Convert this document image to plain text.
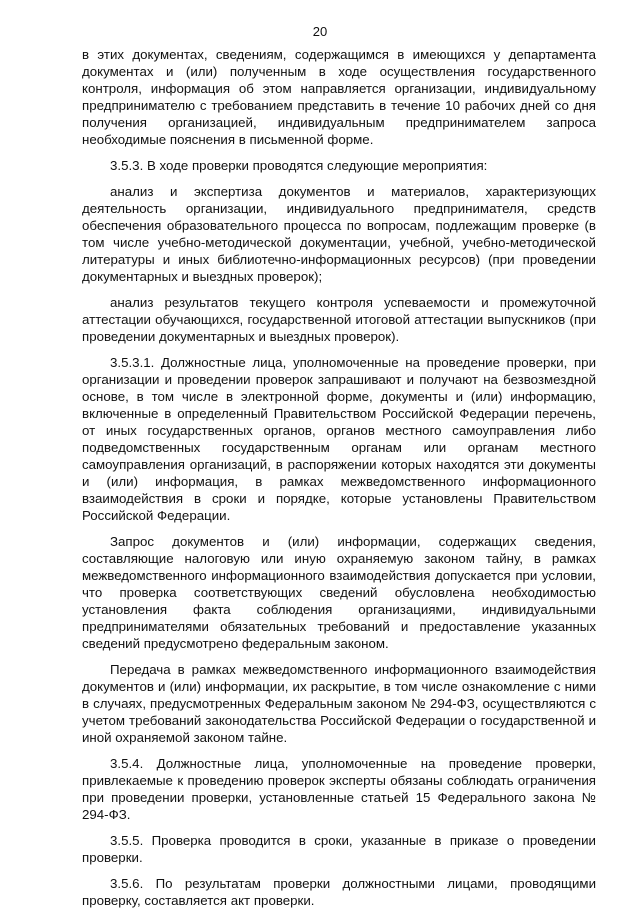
20

в этих документах, сведениям, содержащимся в имеющихся у департамента документах и (или) полученным в ходе осуществления государственного контроля, информация об этом направляется организации, индивидуальному предпринимателю с требованием представить в течение 10 рабочих дней со дня получения организацией, индивидуальным предпринимателем запроса необходимые пояснения в письменной форме.

3.5.3. В ходе проверки проводятся следующие мероприятия:

анализ и экспертиза документов и материалов, характеризующих деятельность организации, индивидуального предпринимателя, средств обеспечения образовательного процесса по вопросам, подлежащим проверке (в том числе учебно-методической документации, учебной, учебно-методической литературы и иных библиотечно-информационных ресурсов) (при проведении документарных и выездных проверок);

анализ результатов текущего контроля успеваемости и промежуточной аттестации обучающихся, государственной итоговой аттестации выпускников (при проведении документарных и выездных проверок).

3.5.3.1. Должностные лица, уполномоченные на проведение проверки, при организации и проведении проверок запрашивают и получают на безвозмездной основе, в том числе в электронной форме, документы и (или) информацию, включенные в определенный Правительством Российской Федерации перечень, от иных государственных органов, органов местного самоуправления либо подведомственных государственным органам или органам местного самоуправления организаций, в распоряжении которых находятся эти документы и (или) информация, в рамках межведомственного информационного взаимодействия в сроки и порядке, которые установлены Правительством Российской Федерации.

Запрос документов и (или) информации, содержащих сведения, составляющие налоговую или иную охраняемую законом тайну, в рамках межведомственного информационного взаимодействия допускается при условии, что проверка соответствующих сведений обусловлена необходимостью установления факта соблюдения организациями, индивидуальными предпринимателями обязательных требований и предоставление указанных сведений предусмотрено федеральным законом.

Передача в рамках межведомственного информационного взаимодействия документов и (или) информации, их раскрытие, в том числе ознакомление с ними в случаях, предусмотренных Федеральным законом № 294-ФЗ, осуществляются с учетом требований законодательства Российской Федерации о государственной и иной охраняемой законом тайне.

3.5.4. Должностные лица, уполномоченные на проведение проверки, привлекаемые к проведению проверок эксперты обязаны соблюдать ограничения при проведении проверки, установленные статьей 15 Федерального закона № 294-ФЗ.

3.5.5. Проверка проводится в сроки, указанные в приказе о проведении проверки.

3.5.6. По результатам проверки должностными лицами, проводящими проверку, составляется акт проверки.
